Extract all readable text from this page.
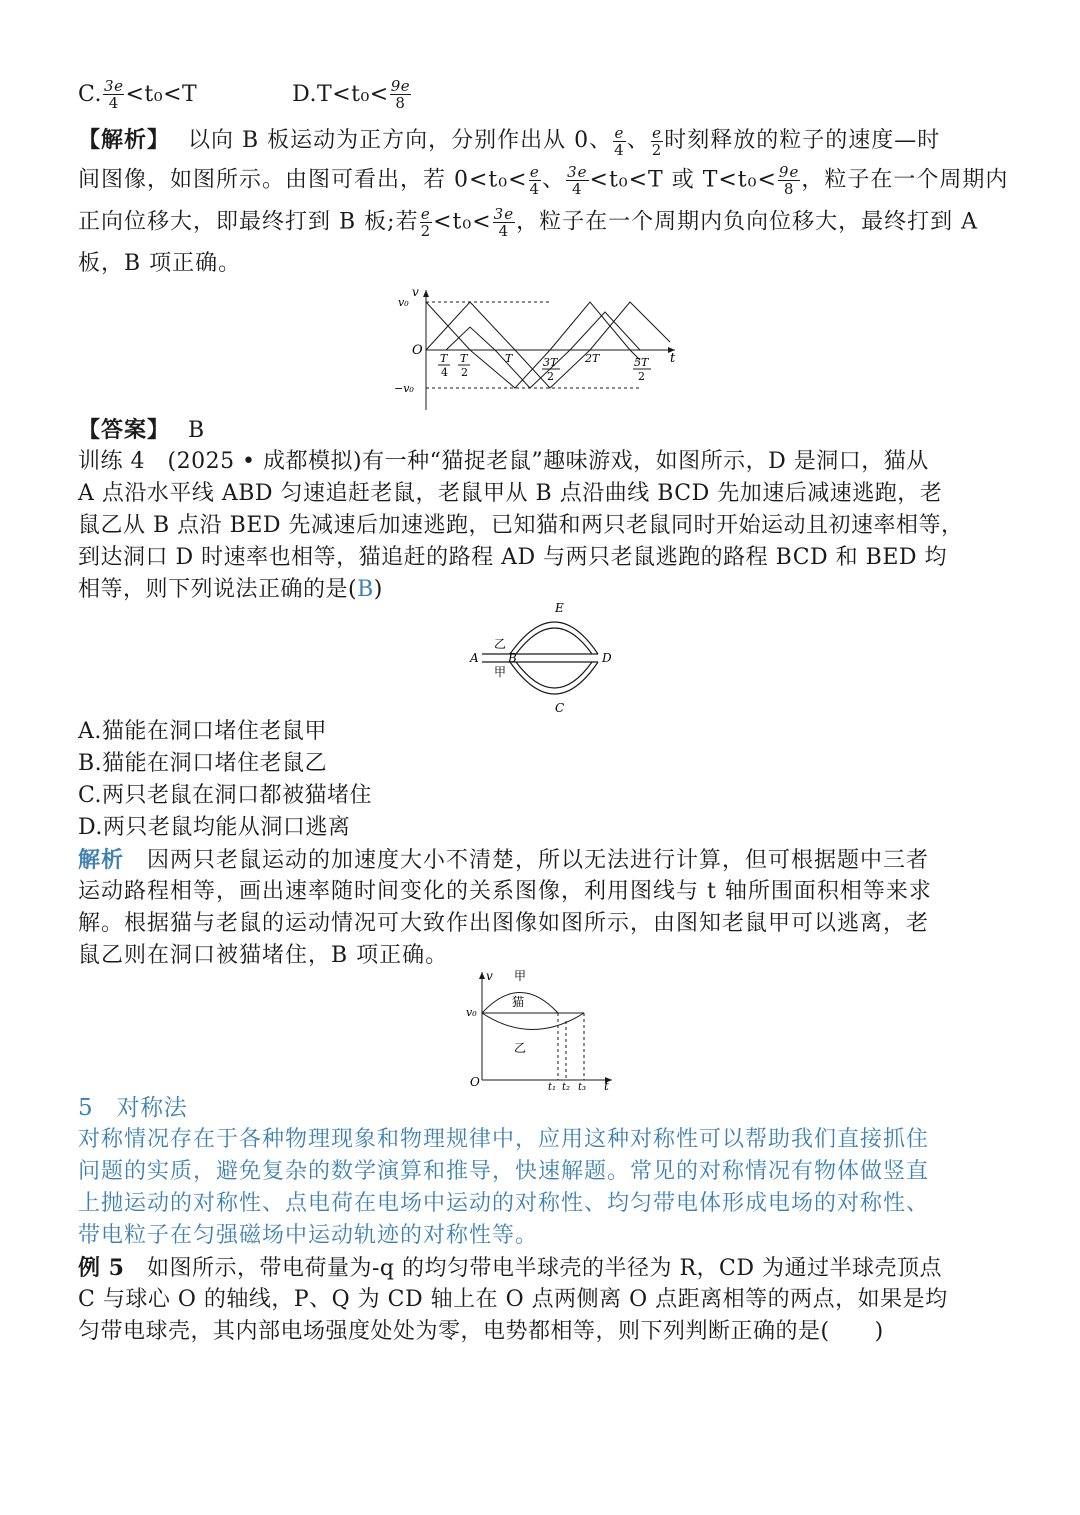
C. $\frac{3e}{4} <t_0<T$	$D.T<t_0< \frac{9e}{8}$
【解析】 以向 B 板运动为正方向，分别作出从 0、 $\frac{e}{4}$ 、 $\frac{e}{2}$ 时刻释放的粒子的速度—时
间图像，如图所示。由图可看出，若 $0<t_0< \frac{e}{4}$ 、 $\frac{3e}{4} <t_0<T$ 或 $T<t_0< \frac{9e}{8}$ ，粒子在一个周期内
正向位移大，即最终打到 B 板;若 $\frac{e}{2} <t_0< \frac{3e}{4}$ ，粒子在一个周期内负向位移大，最终打到 A
板，B 项正确。
v
v₀
−v₀
O
t
T
4
T
2
T	3T
2
2T	5T
2
【答案】 B
训练 4　(2025 • 成都模拟)有一种“猫捉老鼠”趣味游戏，如图所示，D 是洞口，猫从
A 点沿水平线 ABD 匀速追赶老鼠，老鼠甲从 B 点沿曲线 BCD 先加速后减速逃跑，老
鼠乙从 B 点沿 BED 先减速后加速逃跑，已知猫和两只老鼠同时开始运动且初速率相等，
到达洞口 D 时速率也相等，猫追赶的路程 AD 与两只老鼠逃跑的路程 BCD 和 BED 均
相等，则下列说法正确的是(B)
E
乙
A B	D
甲
C
A.猫能在洞口堵住老鼠甲
B.猫能在洞口堵住老鼠乙
C.两只老鼠在洞口都被猫堵住
D.两只老鼠均能从洞口逃离
解析　因两只老鼠运动的加速度大小不清楚，所以无法进行计算，但可根据题中三者
运动路程相等，画出速率随时间变化的关系图像，利用图线与 t 轴所围面积相等来求
解。根据猫与老鼠的运动情况可大致作出图像如图所示，由图知老鼠甲可以逃离，老
鼠乙则在洞口被猫堵住，B 项正确。
v 甲
猫
v₀
乙
O	t₁ t₂ t₃ t
5　对称法
对称情况存在于各种物理现象和物理规律中，应用这种对称性可以帮助我们直接抓住
问题的实质，避免复杂的数学演算和推导，快速解题。常见的对称情况有物体做竖直
上抛运动的对称性、点电荷在电场中运动的对称性、均匀带电体形成电场的对称性、
带电粒子在匀强磁场中运动轨迹的对称性等。
例 5　如图所示，带电荷量为-q 的均匀带电半球壳的半径为 R，CD 为通过半球壳顶点
C 与球心 O 的轴线，P、Q 为 CD 轴上在 O 点两侧离 O 点距离相等的两点，如果是均
匀带电球壳，其内部电场强度处处为零，电势都相等，则下列判断正确的是(　　)
